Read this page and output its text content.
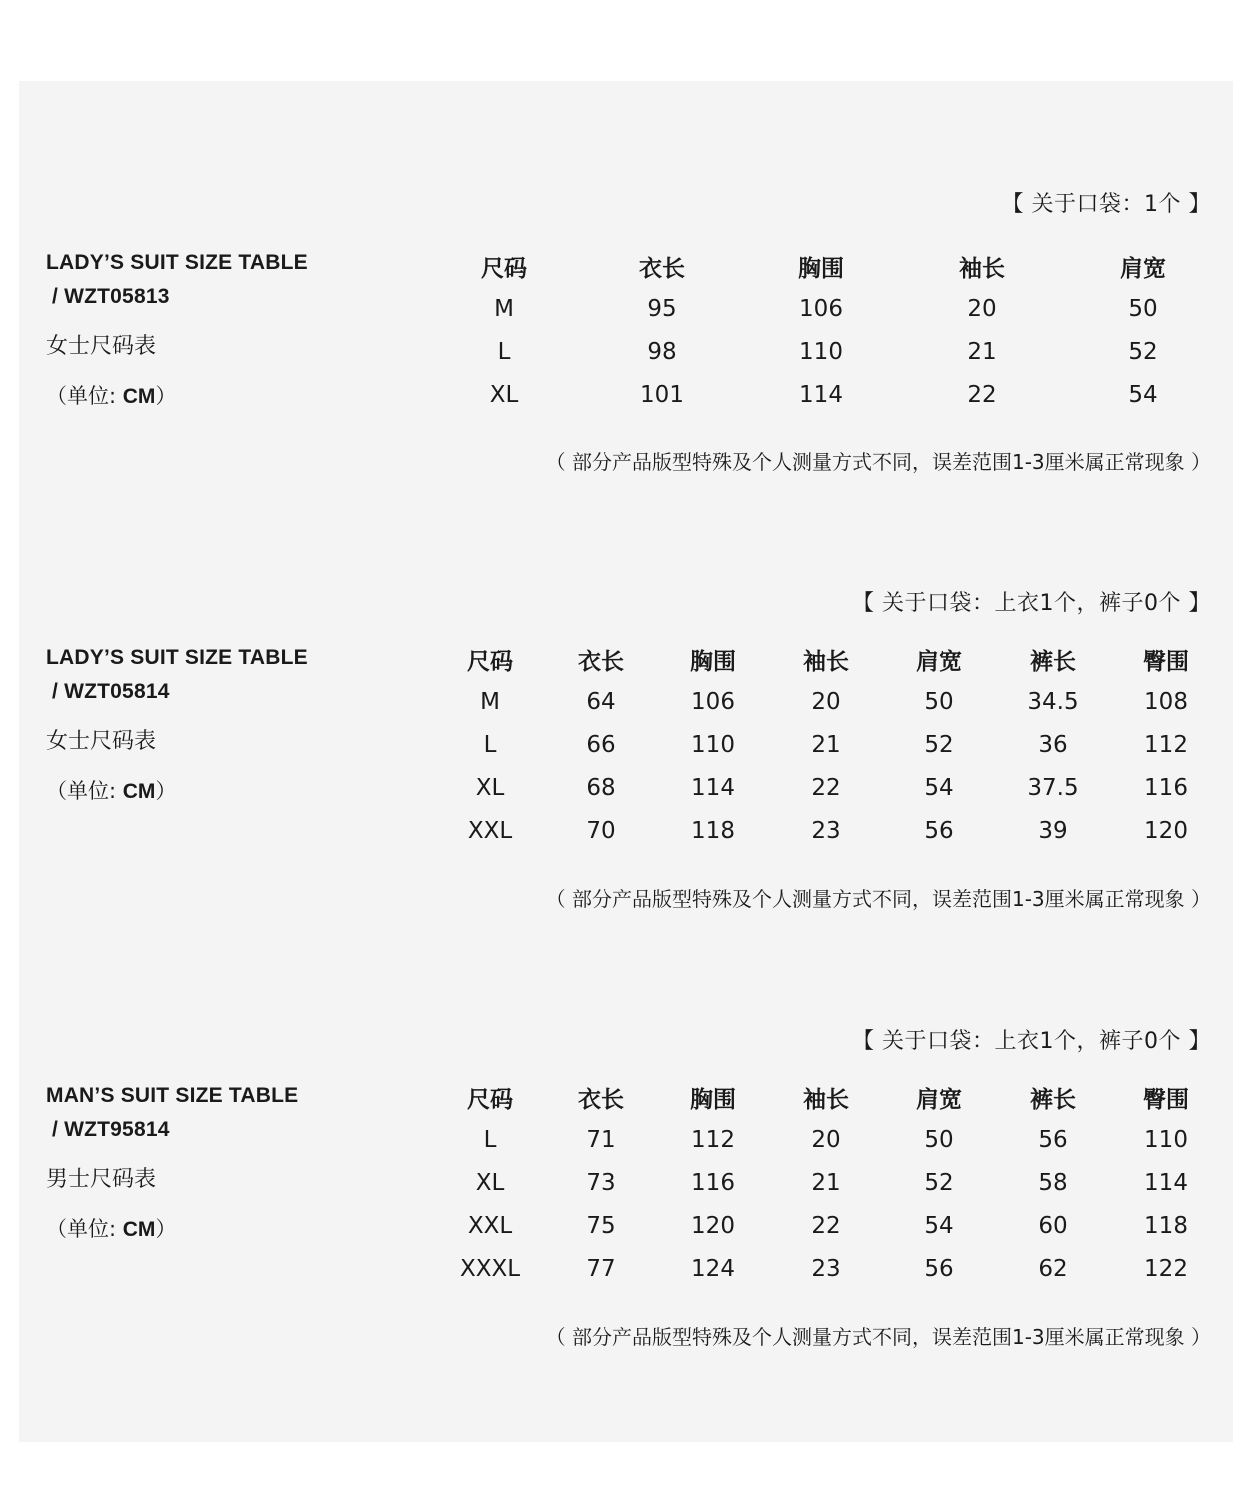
【 关于口袋：1个 】
LADY’S SUIT SIZE TABLE
/ WZT05813
女士尺码表
（单位: CM）
尺码	衣长	胸围	袖长	肩宽
M	95	106	20	50
L	98	110	21	52
XL	101	114	22	54
（ 部分产品版型特殊及个人测量方式不同，误差范围1-3厘米属正常现象 ）
【 关于口袋：上衣1个，裤子0个 】
LADY’S SUIT SIZE TABLE
/ WZT05814
女士尺码表
（单位: CM）
尺码	衣长	胸围	袖长	肩宽	裤长	臀围
M	64	106	20	50	34.5	108
L	66	110	21	52	36	112
XL	68	114	22	54	37.5	116
XXL	70	118	23	56	39	120
（ 部分产品版型特殊及个人测量方式不同，误差范围1-3厘米属正常现象 ）
【 关于口袋：上衣1个，裤子0个 】
MAN’S SUIT SIZE TABLE
/ WZT95814
男士尺码表
（单位: CM）
尺码	衣长	胸围	袖长	肩宽	裤长	臀围
L	71	112	20	50	56	110
XL	73	116	21	52	58	114
XXL	75	120	22	54	60	118
XXXL	77	124	23	56	62	122
（ 部分产品版型特殊及个人测量方式不同，误差范围1-3厘米属正常现象 ）
